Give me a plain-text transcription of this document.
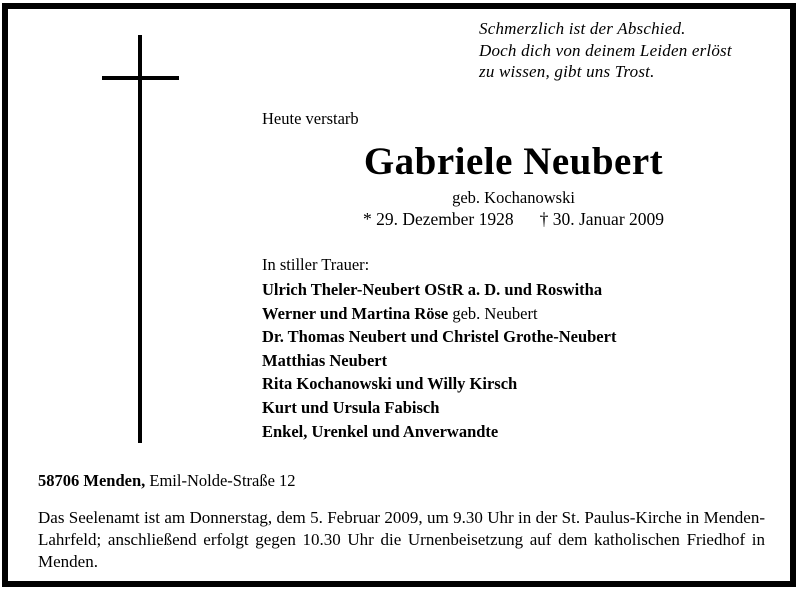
Schmerzlich ist der Abschied.
Doch dich von deinem Leiden erlöst
zu wissen, gibt uns Trost.
Heute verstarb
Gabriele Neubert
geb. Kochanowski
* 29. Dezember 1928 † 30. Januar 2009
In stiller Trauer:
Ulrich Theler-Neubert OStR a. D. und Roswitha
Werner und Martina Röse geb. Neubert
Dr. Thomas Neubert und Christel Grothe-Neubert
Matthias Neubert
Rita Kochanowski und Willy Kirsch
Kurt und Ursula Fabisch
Enkel, Urenkel und Anverwandte
58706 Menden, Emil-Nolde-Straße 12
Das Seelenamt ist am Donnerstag, dem 5. Februar 2009, um 9.30 Uhr in der St. Paulus-Kirche in Menden-Lahrfeld; anschließend erfolgt gegen 10.30 Uhr die Urnenbeisetzung auf dem katholischen Friedhof in Menden.
